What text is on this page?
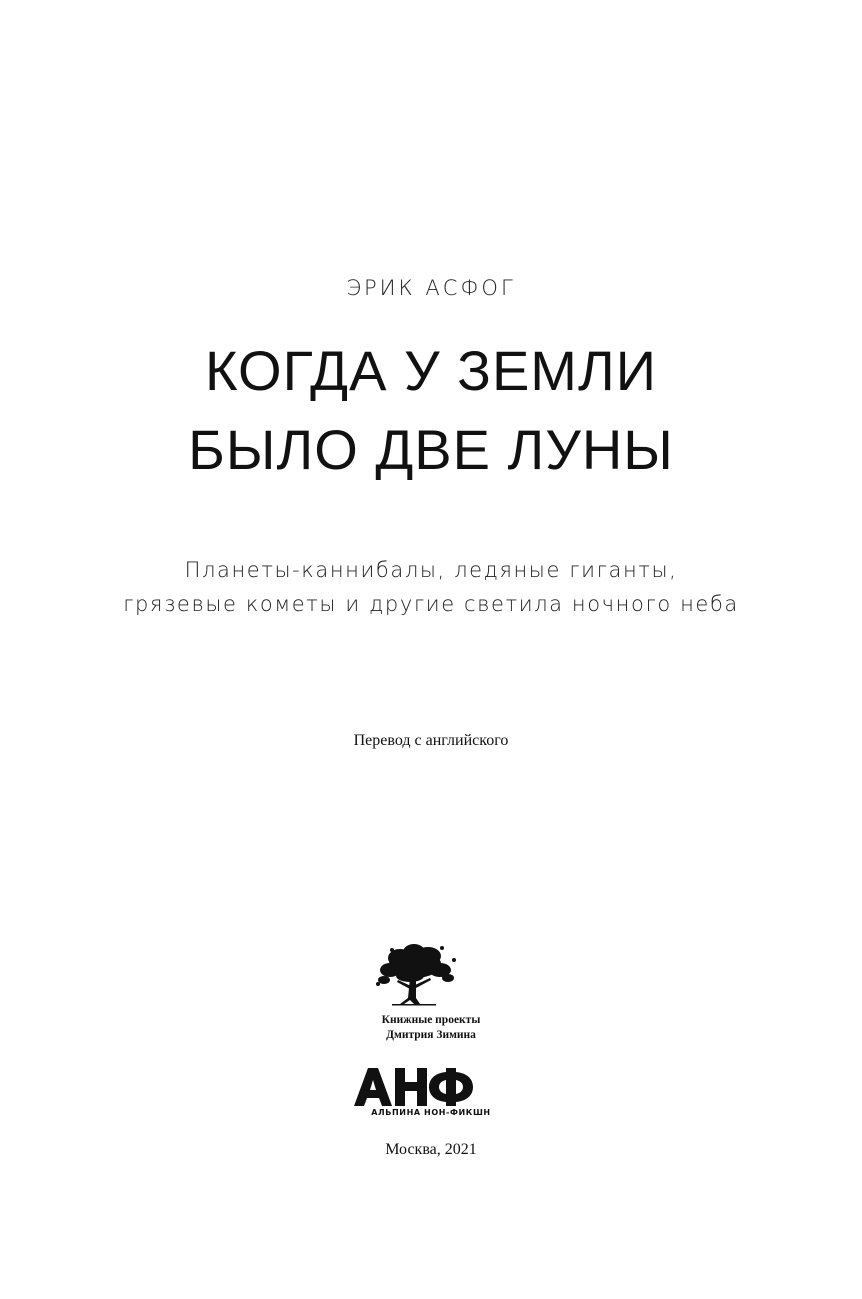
ЭРИК АСФОГ
КОГДА У ЗЕМЛИ
БЫЛО ДВЕ ЛУНЫ
Планеты-каннибалы, ледяные гиганты,
грязевые кометы и другие светила ночного неба
Перевод с английского
Книжные проекты
Дмитрия Зимина
АЛЬПИНА НОН-ФИКШН
Москва, 2021
